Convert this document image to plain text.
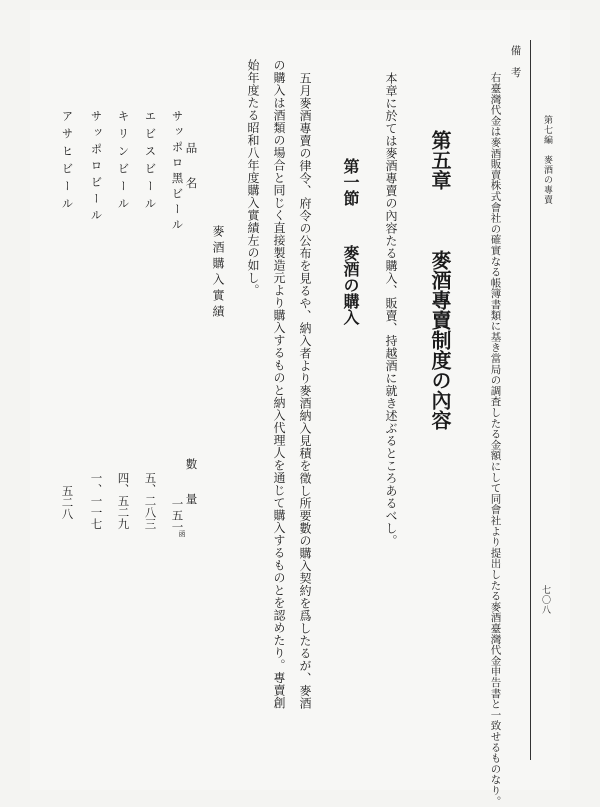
第七編　麥酒の專賣
七〇八
備　考
右臺灣代金は麥酒販賣株式會社の確實なる帳簿書類に基き當局の調査したる金額にして同會社より提出したる麥酒臺灣代金申告書と一致せるものなり。
第五章
麥酒專賣制度の內容
本章に於ては麥酒專賣の內容たる購入、販賣、持越酒に就き述ぶるところあるべし。
第一節
麥酒の購入
五月麥酒專賣の律令、府令の公布を見るや、納入者より麥酒納入見積を徵し所要數の購入契約を爲したるが、麥酒
の購入は酒類の場合と同じく直接製造元より購入するものと納入代理人を通じて購入するものとを認めたり。專賣創
始年度たる昭和八年度購入實績左の如し。
麥酒購入實績
品　名
數　量
函
サッポロ黑ビール
一五一
エビスビール
五、二八三
キリンビール
四、五二九
サッポロビール
一、一一七
アサヒビール
五二八
